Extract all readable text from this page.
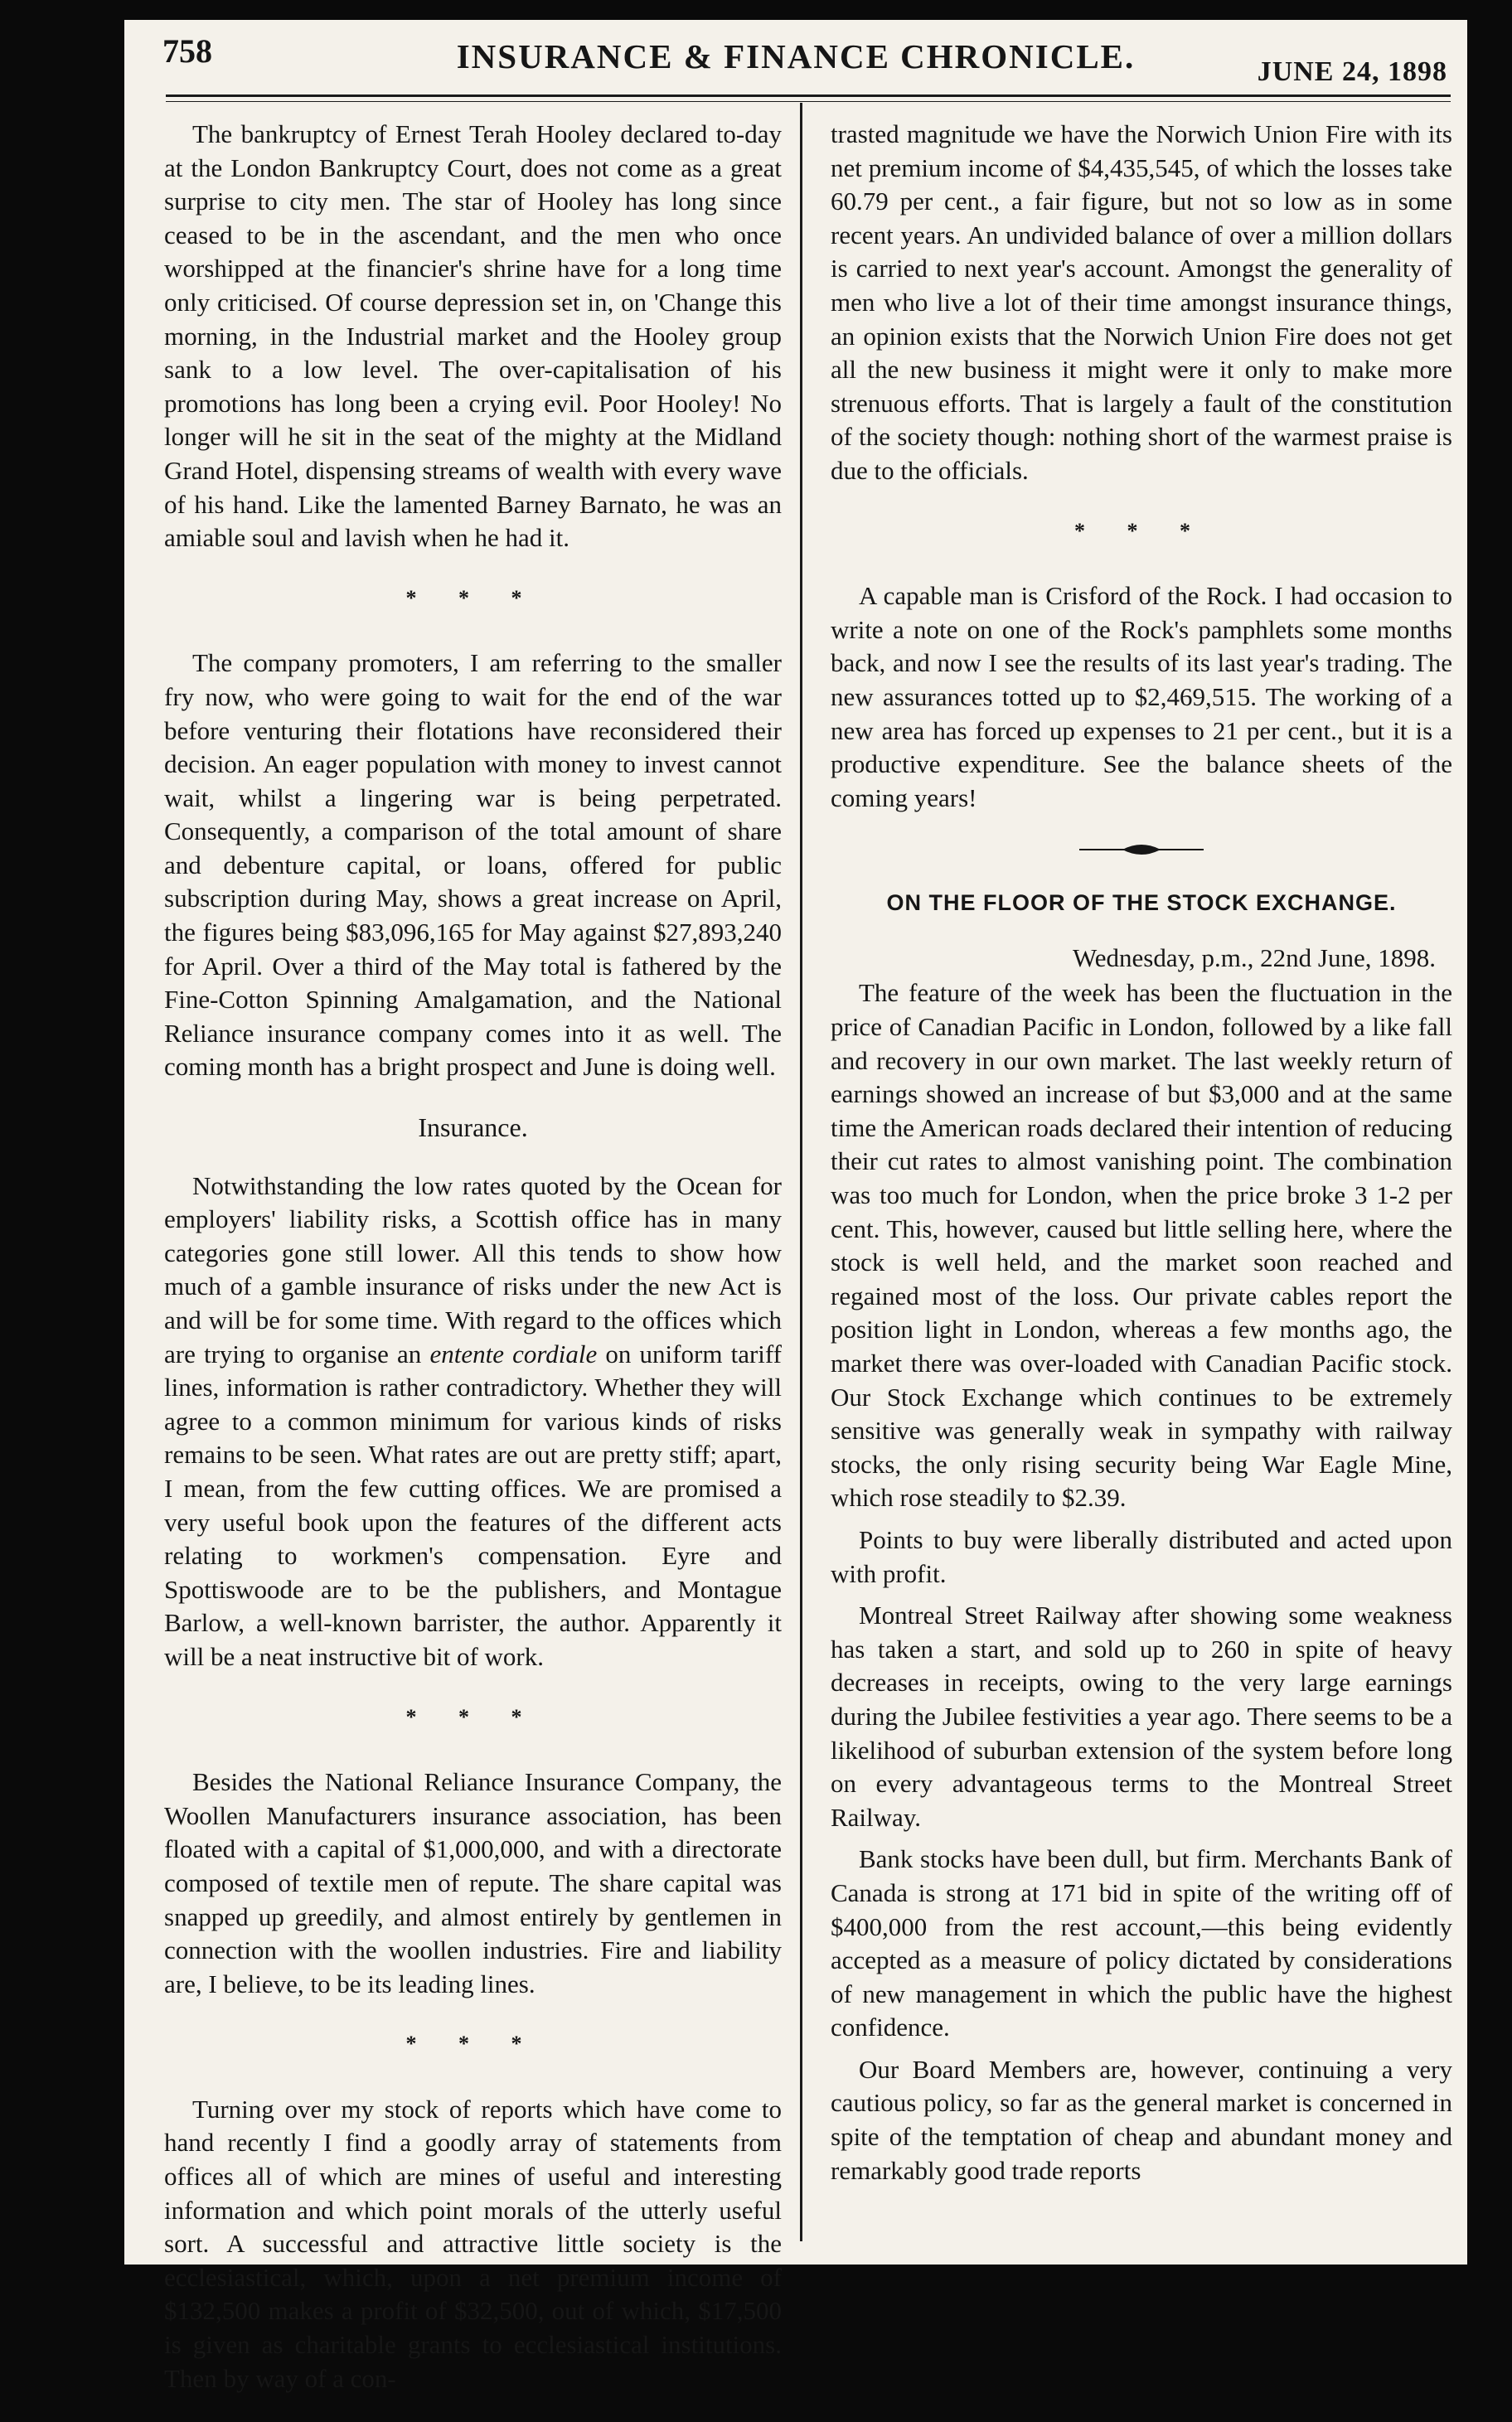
758	INSURANCE & FINANCE CHRONICLE.	JUNE 24, 1898

The bankruptcy of Ernest Terah Hooley declared to-day at the London Bankruptcy Court, does not come as a great surprise to city men. The star of Hooley has long since ceased to be in the ascendant, and the men who once worshipped at the financier's shrine have for a long time only criticised. Of course depression set in, on 'Change this morning, in the Industrial market and the Hooley group sank to a low level. The over-capitalisation of his promotions has long been a crying evil. Poor Hooley! No longer will he sit in the seat of the mighty at the Midland Grand Hotel, dispensing streams of wealth with every wave of his hand. Like the lamented Barney Barnato, he was an amiable soul and lavish when he had it.

* * *

The company promoters, I am referring to the smaller fry now, who were going to wait for the end of the war before venturing their flotations have reconsidered their decision. An eager population with money to invest cannot wait, whilst a lingering war is being perpetrated. Consequently, a comparison of the total amount of share and debenture capital, or loans, offered for public subscription during May, shows a great increase on April, the figures being $83,096,165 for May against $27,893,240 for April. Over a third of the May total is fathered by the Fine-Cotton Spinning Amalgamation, and the National Reliance insurance company comes into it as well. The coming month has a bright prospect and June is doing well.

Insurance.

Notwithstanding the low rates quoted by the Ocean for employers' liability risks, a Scottish office has in many categories gone still lower. All this tends to show how much of a gamble insurance of risks under the new Act is and will be for some time. With regard to the offices which are trying to organise an entente cordiale on uniform tariff lines, information is rather contradictory. Whether they will agree to a common minimum for various kinds of risks remains to be seen. What rates are out are pretty stiff; apart, I mean, from the few cutting offices. We are promised a very useful book upon the features of the different acts relating to workmen's compensation. Eyre and Spottiswoode are to be the publishers, and Montague Barlow, a well-known barrister, the author. Apparently it will be a neat instructive bit of work.

* * *

Besides the National Reliance Insurance Company, the Woollen Manufacturers insurance association, has been floated with a capital of $1,000,000, and with a directorate composed of textile men of repute. The share capital was snapped up greedily, and almost entirely by gentlemen in connection with the woollen industries. Fire and liability are, I believe, to be its leading lines.

* * *

Turning over my stock of reports which have come to hand recently I find a goodly array of statements from offices all of which are mines of useful and interesting information and which point morals of the utterly useful sort. A successful and attractive little society is the ecclesiastical, which, upon a net premium income of $132,500 makes a profit of $32,500, out of which, $17,500 is given as charitable grants to ecclesiastical institutions. Then by way of a con-

trasted magnitude we have the Norwich Union Fire with its net premium income of $4,435,545, of which the losses take 60.79 per cent., a fair figure, but not so low as in some recent years. An undivided balance of over a million dollars is carried to next year's account. Amongst the generality of men who live a lot of their time amongst insurance things, an opinion exists that the Norwich Union Fire does not get all the new business it might were it only to make more strenuous efforts. That is largely a fault of the constitution of the society though: nothing short of the warmest praise is due to the officials.

* * *

A capable man is Crisford of the Rock. I had occasion to write a note on one of the Rock's pamphlets some months back, and now I see the results of its last year's trading. The new assurances totted up to $2,469,515. The working of a new area has forced up expenses to 21 per cent., but it is a productive expenditure. See the balance sheets of the coming years!

ON THE FLOOR OF THE STOCK EXCHANGE.
Wednesday, p.m., 22nd June, 1898.

The feature of the week has been the fluctuation in the price of Canadian Pacific in London, followed by a like fall and recovery in our own market. The last weekly return of earnings showed an increase of but $3,000 and at the same time the American roads declared their intention of reducing their cut rates to almost vanishing point. The combination was too much for London, when the price broke 3 1-2 per cent. This, however, caused but little selling here, where the stock is well held, and the market soon reached and regained most of the loss. Our private cables report the position light in London, whereas a few months ago, the market there was over-loaded with Canadian Pacific stock. Our Stock Exchange which continues to be extremely sensitive was generally weak in sympathy with railway stocks, the only rising security being War Eagle Mine, which rose steadily to $2.39.

Points to buy were liberally distributed and acted upon with profit.

Montreal Street Railway after showing some weakness has taken a start, and sold up to 260 in spite of heavy decreases in receipts, owing to the very large earnings during the Jubilee festivities a year ago. There seems to be a likelihood of suburban extension of the system before long on every advantageous terms to the Montreal Street Railway.

Bank stocks have been dull, but firm. Merchants Bank of Canada is strong at 171 bid in spite of the writing off of $400,000 from the rest account,—this being evidently accepted as a measure of policy dictated by considerations of new management in which the public have the highest confidence.

Our Board Members are, however, continuing a very cautious policy, so far as the general market is concerned in spite of the temptation of cheap and abundant money and remarkably good trade reports
